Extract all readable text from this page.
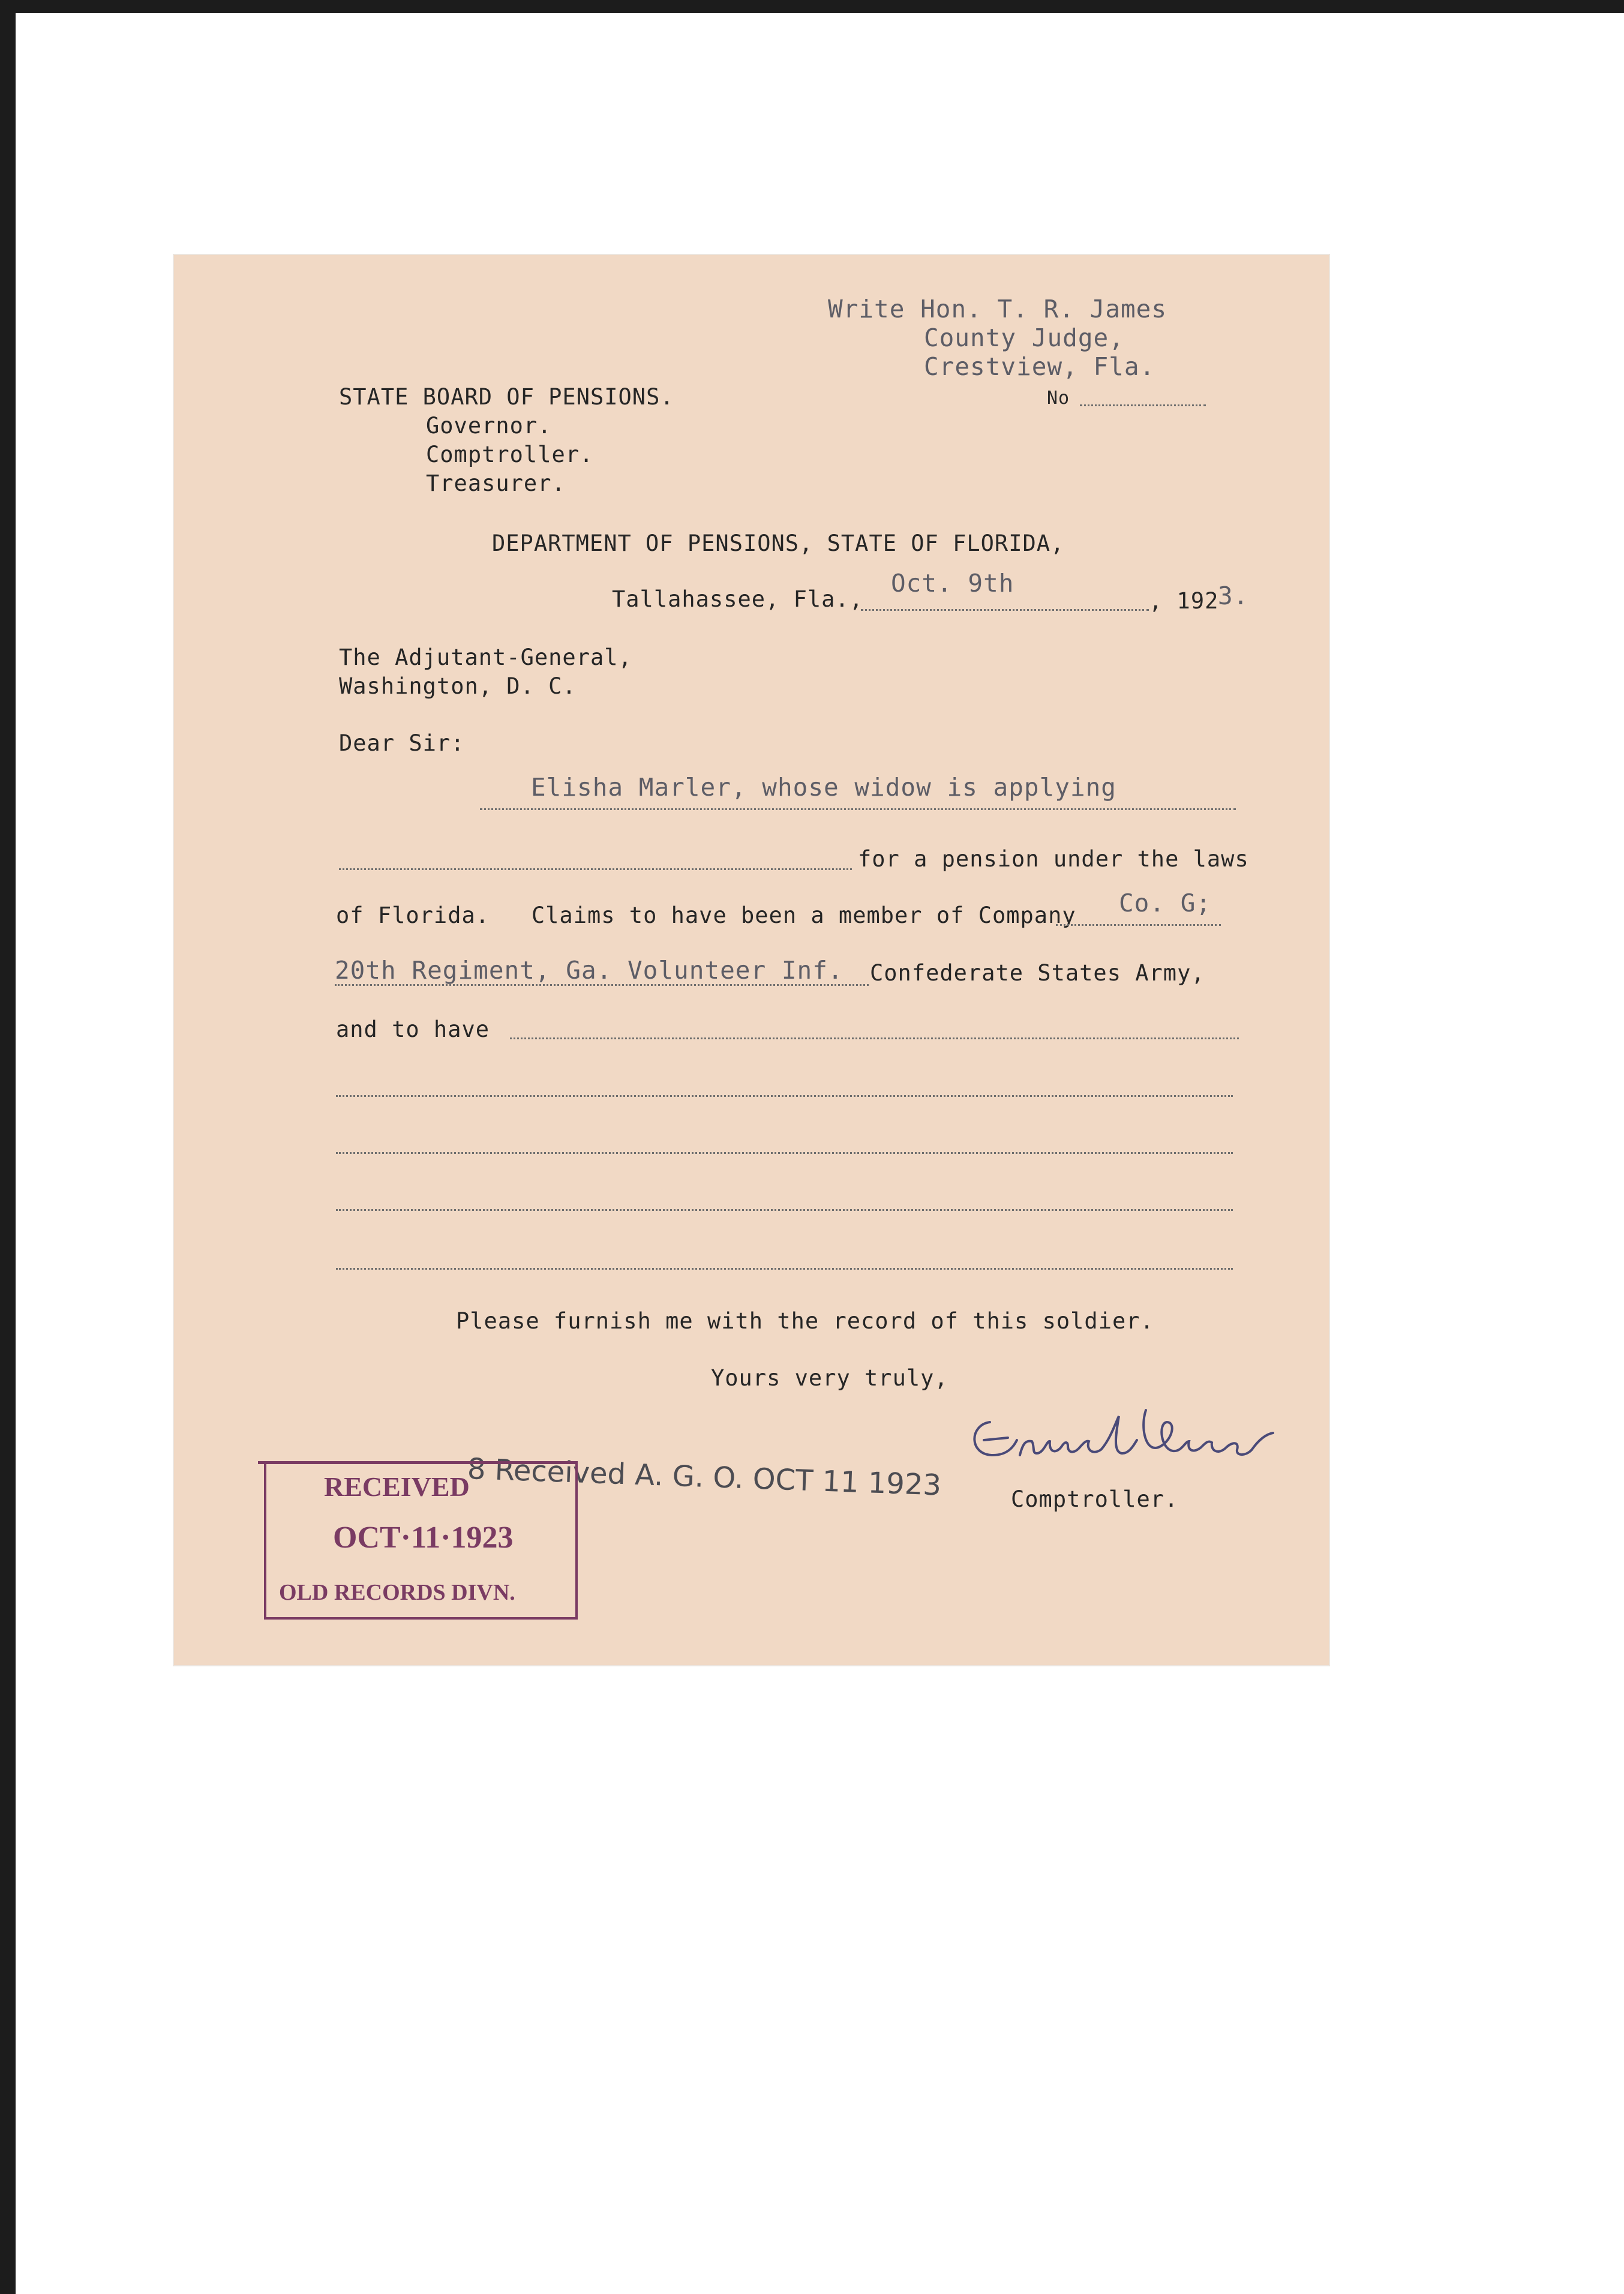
Write Hon. T. R. James
County Judge,
Crestview, Fla.
No
STATE BOARD OF PENSIONS.
Governor.
Comptroller.
Treasurer.
DEPARTMENT OF PENSIONS, STATE OF FLORIDA,
Tallahassee, Fla.,
Oct. 9th
, 192
3.
The Adjutant-General,
Washington, D. C.
Dear Sir:
Elisha Marler, whose widow is applying
for a pension under the laws
of Florida.   Claims to have been a member of Company Co. G;
20th Regiment, Ga. Volunteer Inf. Confederate States Army,
and to have
Please furnish me with the record of this soldier.
Yours very truly,
Comptroller.
8 Received A. G. O. OCT 11 1923
RECEIVED
OCT·11·1923
OLD RECORDS DIVN.
